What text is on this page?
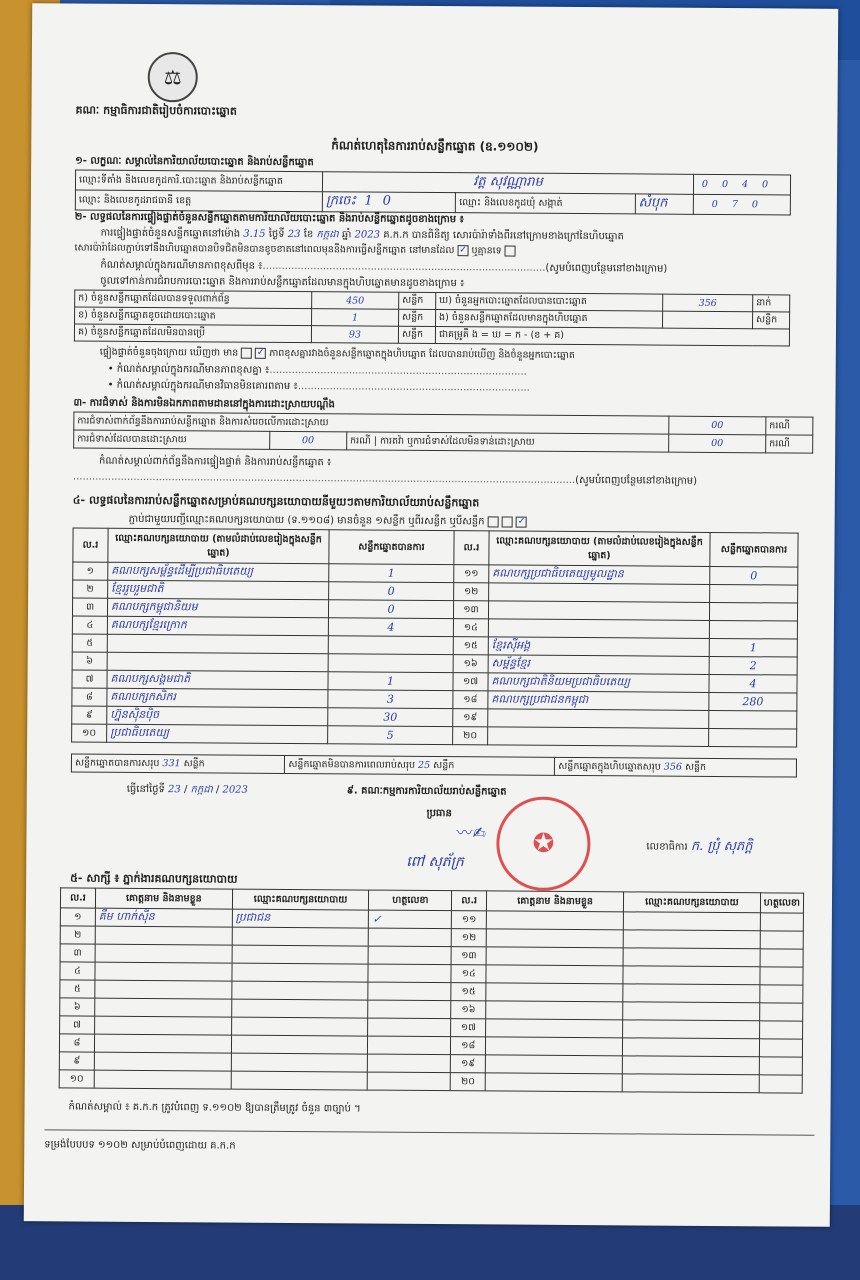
⚖
គណៈ កម្មាធិការជាតិរៀបចំការបោះឆ្នោត
កំណត់ហេតុនៃការរាប់សន្លឹកឆ្នោត (ឧ.១១០២)
១- លក្ខណៈ សម្គាល់នៃការិយាល័យបោះឆ្នោត និងរាប់សន្លឹកឆ្នោត
ឈ្មោះទីតាំង និងលេខកូដការិ.បោះឆ្នោត និងរាប់សន្លឹកឆ្នោត	វត្ត សុវណ្ណារាម			0040
ឈ្មោះ និងលេខកូដរាជធានី ខេត្ត	ក្រចេះ 10	ឈ្មោះ និងលេខកូដឃុំ សង្កាត់	សំបុក	070
២- លទ្ធផលនៃការផ្ទៀងផ្ទាត់ចំនួនសន្លឹកឆ្នោតតាមការិយាល័យបោះឆ្នោត និងរាប់សន្លឹកឆ្នោតដូចខាងក្រោម ៖
ការផ្ទៀងផ្ទាត់ចំនួនសន្លឹកឆ្នោតនៅម៉ោង 3.15 ថ្ងៃទី 23 ខែ កក្កដា ឆ្នាំ 2023 គ.ក.ក បានពិនិត្យ សោរប៉ារ៉ាទាំងពីរនៅក្រោមខាងក្រៅនៃហិបឆ្នោត
សោរប៉ារ៉ាដែលភ្ជាប់ទៅនឹងហិបឆ្នោតបានបិទជិតមិនបានខូចខាតនៅពេលមុននឹងការធ្វើសន្លឹកឆ្នោត នៅមានដែល ✓ ឬគ្មានទេ
កំណត់សម្គាល់ក្នុងករណីមានភាពខុសពីមុន ៖.........................................................................................(សូមបំពេញបន្ថែមនៅខាងក្រោម)
ចូលទៅកាន់ការជំរាបការបោះឆ្នោត និងការរាប់សន្លឹកឆ្នោតដែលមានក្នុងហិបឆ្នោតមានដូចខាងក្រោម ៖
ក) ចំនួនសន្លឹកឆ្នោតដែលបានទទួលពាក់ព័ន្ធ	450	សន្លឹក	ឃ) ចំនួនអ្នកបោះឆ្នោតដែលបានបោះឆ្នោត	356	នាក់
ខ) ចំនួនសន្លឹកឆ្នោតខូចដោយបោះឆ្នោត	1	សន្លឹក	ង) ចំនួនសន្លឹកឆ្នោតដែលមានក្នុងហិបឆ្នោត		សន្លឹក
គ) ចំនួនសន្លឹកឆ្នោតដែលមិនបានប្រើ	93	សន្លឹក	ជាគម្រូគឺ ង = ឃ = ក - (ខ + គ)		
ផ្ទៀងផ្ទាត់ចំនួនចុងក្រោយ ឃើញថា មាន ✓ ភាពខុសគ្នារវាងចំនួនសន្លឹកឆ្នោតក្នុងហិបឆ្នោត ដែលបានរាប់ឃើញ និងចំនួនអ្នកបោះឆ្នោត
• កំណត់សម្គាល់ក្នុងករណីមានភាពខុសគ្នា ៖.................................................................................
• កំណត់សម្គាល់ក្នុងករណីមានវិធានមិនគោរពតាម ៖.........................................................................
៣- ការជំទាស់ និងការមិនឯកភាពតាមដាននៅក្នុងការដោះស្រាយបណ្តឹង
ការជំទាស់ពាក់ព័ន្ធនឹងការរាប់សន្លឹកឆ្នោត និងការសំរេចលើការដោះស្រាយ			00	ករណី
ការជំទាស់ដែលបានដោះស្រាយ	00	ករណី | ការតវ៉ា ឬការជំទាស់ដែលមិនទាន់ដោះស្រាយ	00	ករណី
កំណត់សម្គាល់ពាក់ព័ន្ធនឹងការផ្ទៀងផ្ទាត់ និងការរាប់សន្លឹកឆ្នោត ៖
..............................................................................................................................................................(សូមបំពេញបន្ថែមនៅខាងក្រោម)
៤- លទ្ធផលនៃការរាប់សន្លឹកឆ្នោតសម្រាប់គណបក្សនយោបាយនីមួយៗតាមការិយាល័យរាប់សន្លឹកឆ្នោត
ភ្ជាប់ជាមួយបញ្ជីឈ្មោះគណបក្សនយោបាយ (ទ.១១០៨) មានចំនួន ១សន្លឹក ឬពីរសន្លឹក ឬបីសន្លឹក	✓
ល.រ	ឈ្មោះគណបក្សនយោបាយ (តាមលំដាប់លេខរៀងក្នុងសន្លឹកឆ្នោត)	សន្លឹកឆ្នោតបានការ	ល.រ	ឈ្មោះគណបក្សនយោបាយ (តាមលំដាប់លេខរៀងក្នុងសន្លឹកឆ្នោត)	សន្លឹកឆ្នោតបានការ
១	គណបក្សសម្ព័ន្ធដើម្បីប្រជាធិបតេយ្យ	1	១១	គណបក្សប្រជាធិបតេយ្យមូលដ្ឋាន	0
២	ខ្មែររួបរួមជាតិ	0	១២		
៣	គណបក្សកម្ពុជានិយម	0	១៣		
៤	គណបក្សខ្មែរក្រោក	4	១៤		
៥			១៥	ខ្មែរស៊ីអង្គ	1
៦			១៦	សម្ព័ន្ធខ្មែរ	2
៧	គណបក្សសង្គមជាតិ	1	១៧	គណបក្សជាតិនិយមប្រជាធិបតេយ្យ	4
៨	គណបក្សកសិករ	3	១៨	គណបក្សប្រជាជនកម្ពុជា	280
៩	ហ្វ៊ុនស៊ិនប៉ិច	30	១៩		
១០	ប្រជាធិបតេយ្យ	5	២០		
សន្លឹកឆ្នោតបានការសរុប 331 សន្លឹក	សន្លឹកឆ្នោតមិនបានការពេលរាប់សរុប 25 សន្លឹក	សន្លឹកឆ្នោតក្នុងហិបឆ្នោតសរុប 356 សន្លឹក
ធ្វើនៅថ្ងៃទី 23 / កក្កដា / 2023	៩. គណៈកម្មការការិយាល័យរាប់សន្លឹកឆ្នោត
ប្រធាន
〰✍	✪
ពៅ សុភ័ក្រ
លេខាធិការ ក. ប្រុំ សុភក្តិ
៥- សាក្សី ៖ ភ្នាក់ងារគណបក្សនយោបាយ
ល.រ	គោត្តនាម និងនាមខ្លួន	ឈ្មោះគណបក្សនយោបាយ	ហត្ថលេខា	ល.រ	គោត្តនាម និងនាមខ្លួន	ឈ្មោះគណបក្សនយោបាយ	ហត្ថលេខា
១	គឹម ហាក់ស៊ីន	ប្រជាជន	✓	១១			
២				១២			
៣				១៣			
៤				១៤			
៥				១៥			
៦				១៦			
៧				១៧			
៨				១៨			
៩				១៩			
១០				២០			
កំណត់សម្គាល់ ៖ គ.ក.ក ត្រូវបំពេញ ទ.១១០២ ឱ្យបានត្រឹមត្រូវ ចំនួន ៣ច្បាប់ ។
ទម្រង់បែបបទ ១១០២ សម្រាប់បំពេញដោយ គ.ក.ក
